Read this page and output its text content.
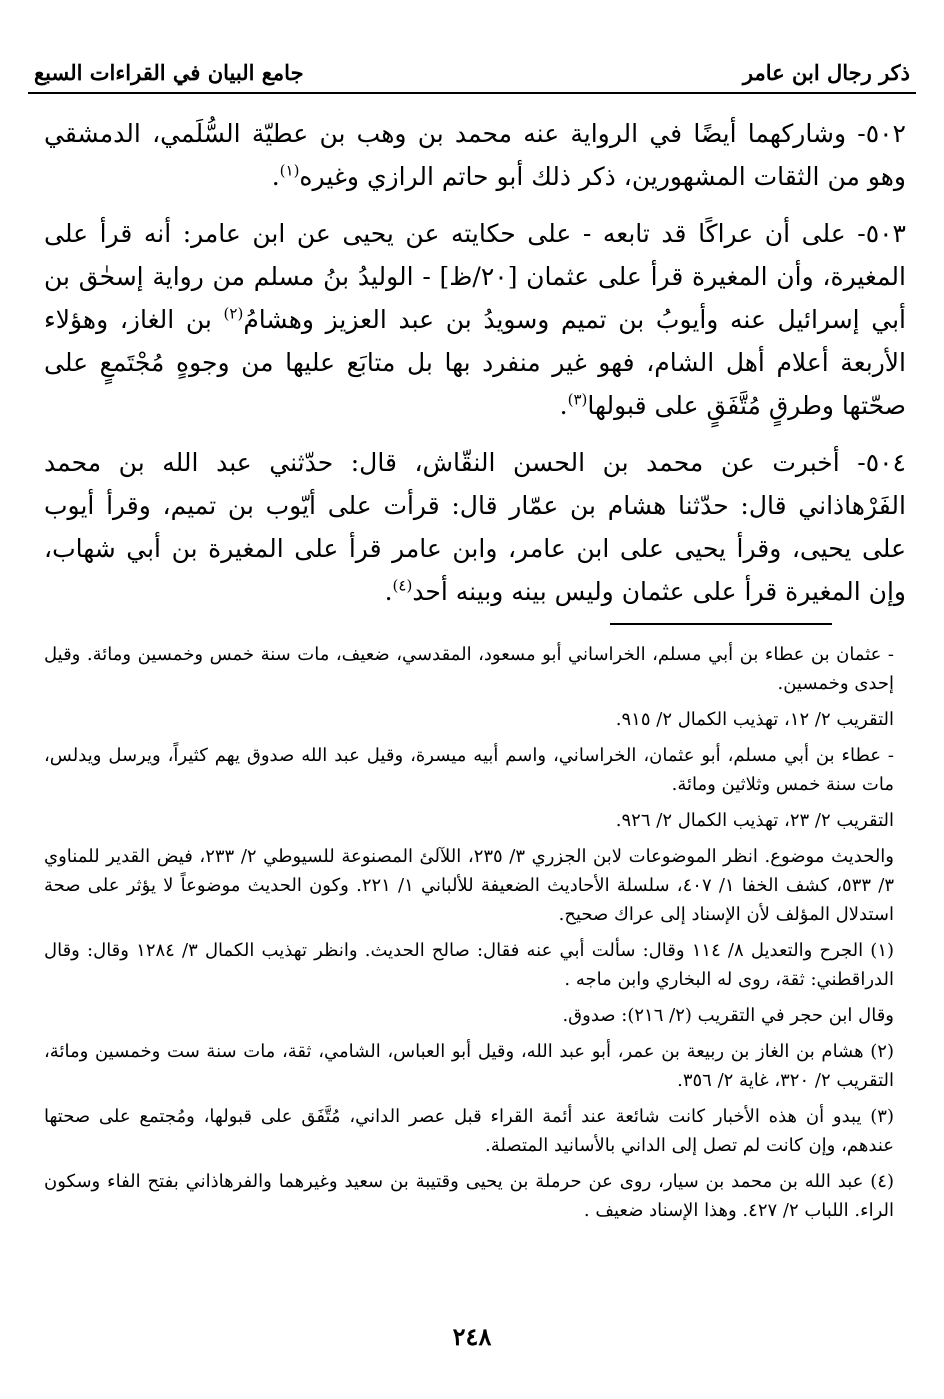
ذكر رجال ابن عامر
جامع البيان في القراءات السبع

٥٠٢- وشاركهما أيضًا في الرواية عنه محمد بن وهب بن عطيّة السُّلَمي، الدمشقي وهو من الثقات المشهورين، ذكر ذلك أبو حاتم الرازي وغيره$^{(١)}$.

٥٠٣- على أن عراكًا قد تابعه - على حكايته عن يحيى عن ابن عامر: أنه قرأ على المغيرة، وأن المغيرة قرأ على عثمان [٢٠/ظ] - الوليدُ بنُ مسلم من رواية إسحٰق بن أبي إسرائيل عنه وأيوبُ بن تميم وسويدُ بن عبد العزيز وهشامُ$^{(٢)}$ بن الغاز، وهؤلاء الأربعة أعلام أهل الشام، فهو غير منفرد بها بل متابَع عليها من وجوهٍ مُجْتَمعٍ على صحّتها وطرقٍ مُتَّفَقٍ على قبولها$^{(٣)}$.

٥٠٤- أخبرت عن محمد بن الحسن النقّاش، قال: حدّثني عبد الله بن محمد الفَرْهاذاني قال: حدّثنا هشام بن عمّار قال: قرأت على أيّوب بن تميم، وقرأ أيوب على يحيى، وقرأ يحيى على ابن عامر، وابن عامر قرأ على المغيرة بن أبي شهاب، وإن المغيرة قرأ على عثمان وليس بينه وبينه أحد$^{(٤)}$.

- عثمان بن عطاء بن أبي مسلم، الخراساني أبو مسعود، المقدسي، ضعيف، مات سنة خمس وخمسين ومائة. وقيل إحدى وخمسين.

التقريب ٢/ ١٢، تهذيب الكمال ٢/ ٩١٥.

- عطاء بن أبي مسلم، أبو عثمان، الخراساني، واسم أبيه ميسرة، وقيل عبد الله صدوق يهم كثيراً، ويرسل ويدلس، مات سنة خمس وثلاثين ومائة.

التقريب ٢/ ٢٣، تهذيب الكمال ٢/ ٩٢٦.

والحديث موضوع. انظر الموضوعات لابن الجزري ٣/ ٢٣٥، اللآلئ المصنوعة للسيوطي ٢/ ٢٣٣، فيض القدير للمناوي ٣/ ٥٣٣، كشف الخفا ١/ ٤٠٧، سلسلة الأحاديث الضعيفة للألباني ١/ ٢٢١. وكون الحديث موضوعاً لا يؤثر على صحة استدلال المؤلف لأن الإسناد إلى عراك صحيح.

(١) الجرح والتعديل ٨/ ١١٤ وقال: سألت أبي عنه فقال: صالح الحديث. وانظر تهذيب الكمال ٣/ ١٢٨٤ وقال: وقال الدراقطني: ثقة، روى له البخاري وابن ماجه .

وقال ابن حجر في التقريب (٢/ ٢١٦): صدوق.

(٢) هشام بن الغاز بن ربيعة بن عمر، أبو عبد الله، وقيل أبو العباس، الشامي، ثقة، مات سنة ست وخمسين ومائة، التقريب ٢/ ٣٢٠، غاية ٢/ ٣٥٦.

(٣) يبدو أن هذه الأخبار كانت شائعة عند أئمة القراء قبل عصر الداني، مُتَّفَق على قبولها، ومُجتمع على صحتها عندهم، وإن كانت لم تصل إلى الداني بالأسانيد المتصلة.

(٤) عبد الله بن محمد بن سيار، روى عن حرملة بن يحيى وقتيبة بن سعيد وغيرهما والفرهاذاني بفتح الفاء وسكون الراء. اللباب ٢/ ٤٢٧. وهذا الإسناد ضعيف .

٢٤٨
